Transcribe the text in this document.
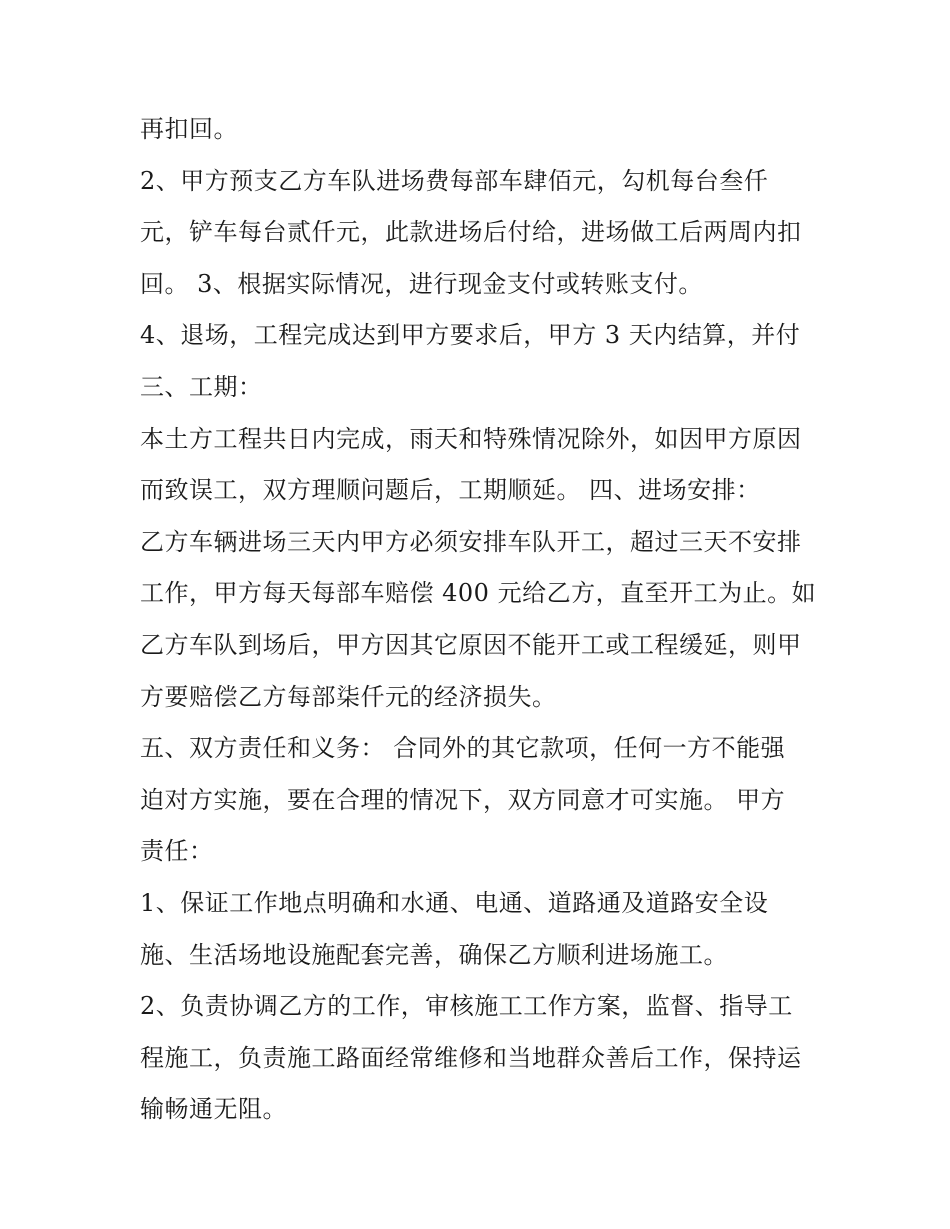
再扣回。
2、甲方预支乙方车队进场费每部车肆佰元，勾机每台叁仟
元，铲车每台贰仟元，此款进场后付给，进场做工后两周内扣
回。 3、根据实际情况，进行现金支付或转账支付。
4、退场，工程完成达到甲方要求后，甲方 3 天内结算，并付
三、工期：
本土方工程共日内完成，雨天和特殊情况除外，如因甲方原因
而致误工，双方理顺问题后，工期顺延。 四、进场安排：
乙方车辆进场三天内甲方必须安排车队开工，超过三天不安排
工作，甲方每天每部车赔偿 400 元给乙方，直至开工为止。如
乙方车队到场后，甲方因其它原因不能开工或工程缓延，则甲
方要赔偿乙方每部柒仟元的经济损失。
五、双方责任和义务： 合同外的其它款项，任何一方不能强
迫对方实施，要在合理的情况下，双方同意才可实施。 甲方
责任：
1、保证工作地点明确和水通、电通、道路通及道路安全设
施、生活场地设施配套完善，确保乙方顺利进场施工。
2、负责协调乙方的工作，审核施工工作方案，监督、指导工
程施工，负责施工路面经常维修和当地群众善后工作，保持运
输畅通无阻。
